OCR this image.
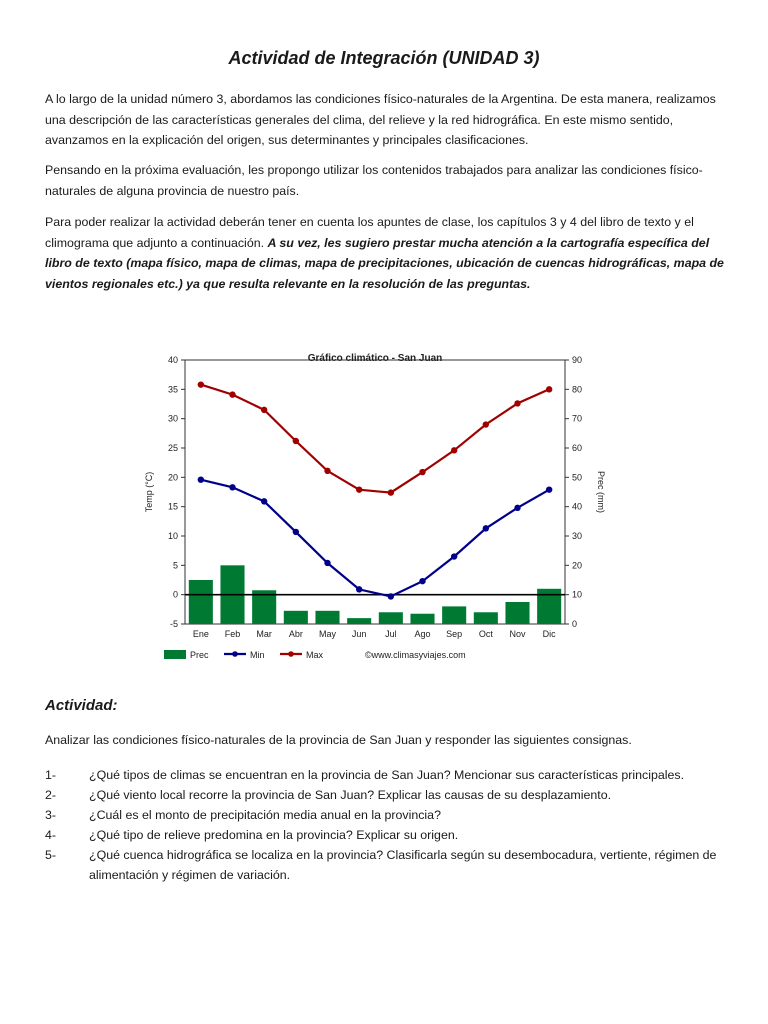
Actividad de Integración (UNIDAD 3)

A lo largo de la unidad número 3, abordamos las condiciones físico-naturales de la Argentina. De esta manera, realizamos una descripción de las características generales del clima, del relieve y la red hidrográfica. En este mismo sentido, avanzamos en la explicación del origen, sus determinantes y principales clasificaciones.

Pensando en la próxima evaluación, les propongo utilizar los contenidos trabajados para analizar las condiciones físico-naturales de alguna provincia de nuestro país.

Para poder realizar la actividad deberán tener en cuenta los apuntes de clase, los capítulos 3 y 4 del libro de texto y el climograma que adjunto a continuación. A su vez, les sugiero prestar mucha atención a la cartografía específica del libro de texto (mapa físico, mapa de climas, mapa de precipitaciones, ubicación de cuencas hidrográficas, mapa de vientos regionales etc.) ya que resulta relevante en la resolución de las preguntas.

-5
0
5
10
15
20
25
30
35
40
0
10
20
30
40
50
60
70
80
90
Ene Feb Mar Abr May Jun Jul Ago Sep Oct Nov Dic
Gráfico climático - San Juan
Temp (°C)	Prec (mm)
Prec	Min	Max	©www.climasyviajes.com
Actividad:

Analizar las condiciones físico-naturales de la provincia de San Juan y responder las siguientes consignas.

1-	¿Qué tipos de climas se encuentran en la provincia de San Juan? Mencionar sus características principales.
2-	¿Qué viento local recorre la provincia de San Juan? Explicar las causas de su desplazamiento.
3-	¿Cuál es el monto de precipitación media anual en la provincia?
4-	¿Qué tipo de relieve predomina en la provincia? Explicar su origen.
5-	¿Qué cuenca hidrográfica se localiza en la provincia? Clasificarla según su desembocadura, vertiente, régimen de alimentación y régimen de variación.
